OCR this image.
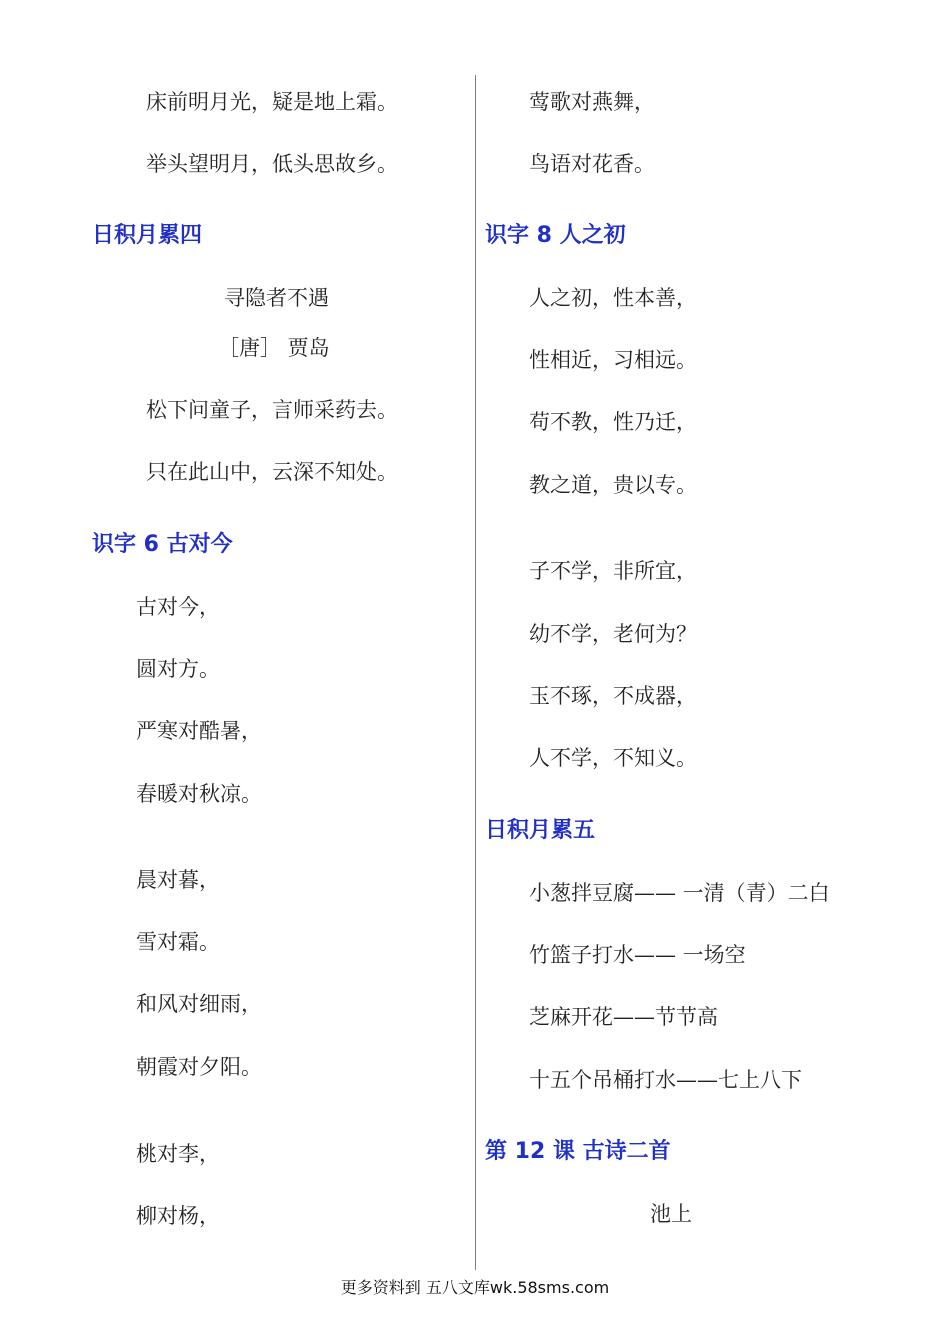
床前明月光，疑是地上霜。
举头望明月，低头思故乡。
日积月累四
寻隐者不遇
［唐］ 贾岛
松下问童子，言师采药去。
只在此山中，云深不知处。
识字 6 古对今
古对今，
圆对方。
严寒对酷暑，
春暖对秋凉。
晨对暮，
雪对霜。
和风对细雨，
朝霞对夕阳。
桃对李，
柳对杨，
莺歌对燕舞，
鸟语对花香。
识字 8 人之初
人之初，性本善，
性相近，习相远。
苟不教，性乃迁，
教之道，贵以专。
子不学，非所宜，
幼不学，老何为？
玉不琢，不成器，
人不学，不知义。
日积月累五
小葱拌豆腐—— 一清（青）二白
竹篮子打水—— 一场空
芝麻开花——节节高
十五个吊桶打水——七上八下
第 12 课 古诗二首
池上
更多资料到 五八文库wk.58sms.com
